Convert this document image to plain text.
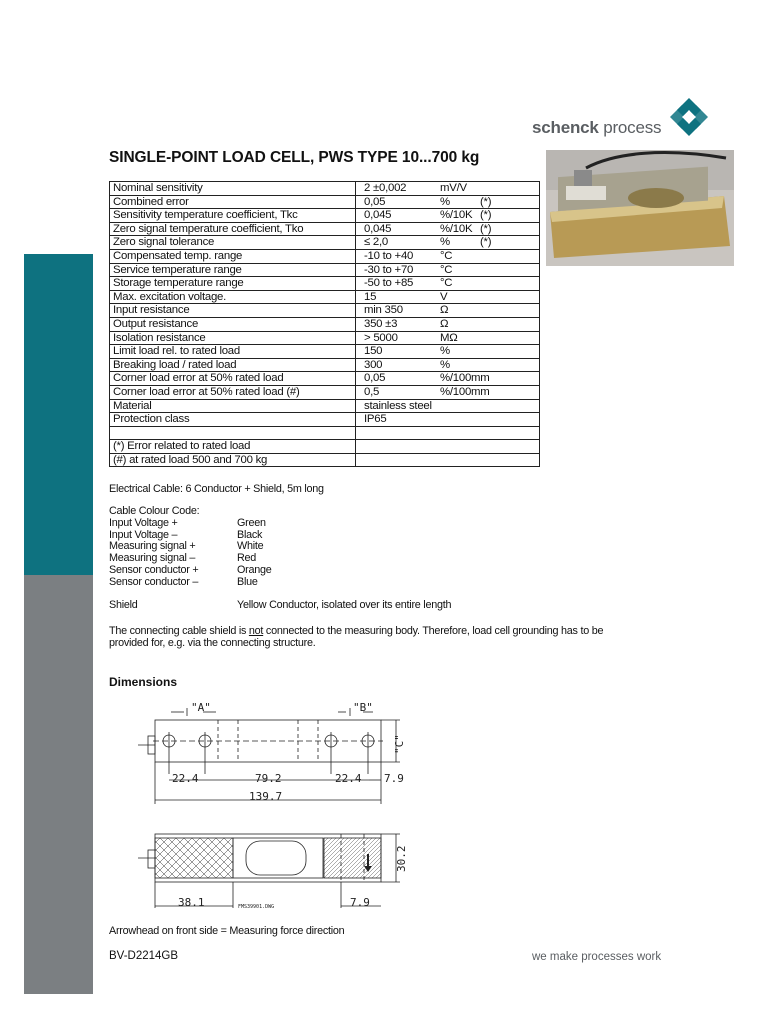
schenck process
SINGLE-POINT LOAD CELL, PWS TYPE 10...700 kg
Nominal sensitivity	2 ±0,002 mV/V
Combined error	0,05 % (*)
Sensitivity temperature coefficient, Tkc	0,045 %/10K (*)
Zero signal temperature coefficient, Tko	0,045 %/10K (*)
Zero signal tolerance	≤ 2,0 % (*)
Compensated temp. range	-10 to +40 °C
Service temperature range	-30 to +70 °C
Storage temperature range	-50 to +85 °C
Max. excitation voltage.	15 V
Input resistance	min 350 Ω
Output resistance	350 ±3 Ω
Isolation resistance	> 5000 MΩ
Limit load rel. to rated load	150 %
Breaking load / rated load	300 %
Corner load error at 50% rated load	0,05 %/100mm
Corner load error at 50% rated load (#)	0,5 %/100mm
Material	stainless steel
Protection class	IP65

(*) Error related to rated load	
(#) at rated load 500 and 700 kg	
Electrical Cable: 6 Conductor + Shield, 5m long
Cable Colour Code:
Input Voltage +	Green
Input Voltage –	Black
Measuring signal +	White
Measuring signal –	Red
Sensor conductor +	Orange
Sensor conductor –	Blue
Shield	Yellow Conductor, isolated over its entire length
The connecting cable shield is not connected to the measuring body. Therefore, load cell grounding has to be
provided for, e.g. via the connecting structure.
Dimensions
"A"	"B"
"C"
22.4	79.2	22.4 7.9
139.7
30.2
38.1	7.9
FMS39901.DWG
Arrowhead on front side = Measuring force direction
BV-D2214GB	we make processes work
